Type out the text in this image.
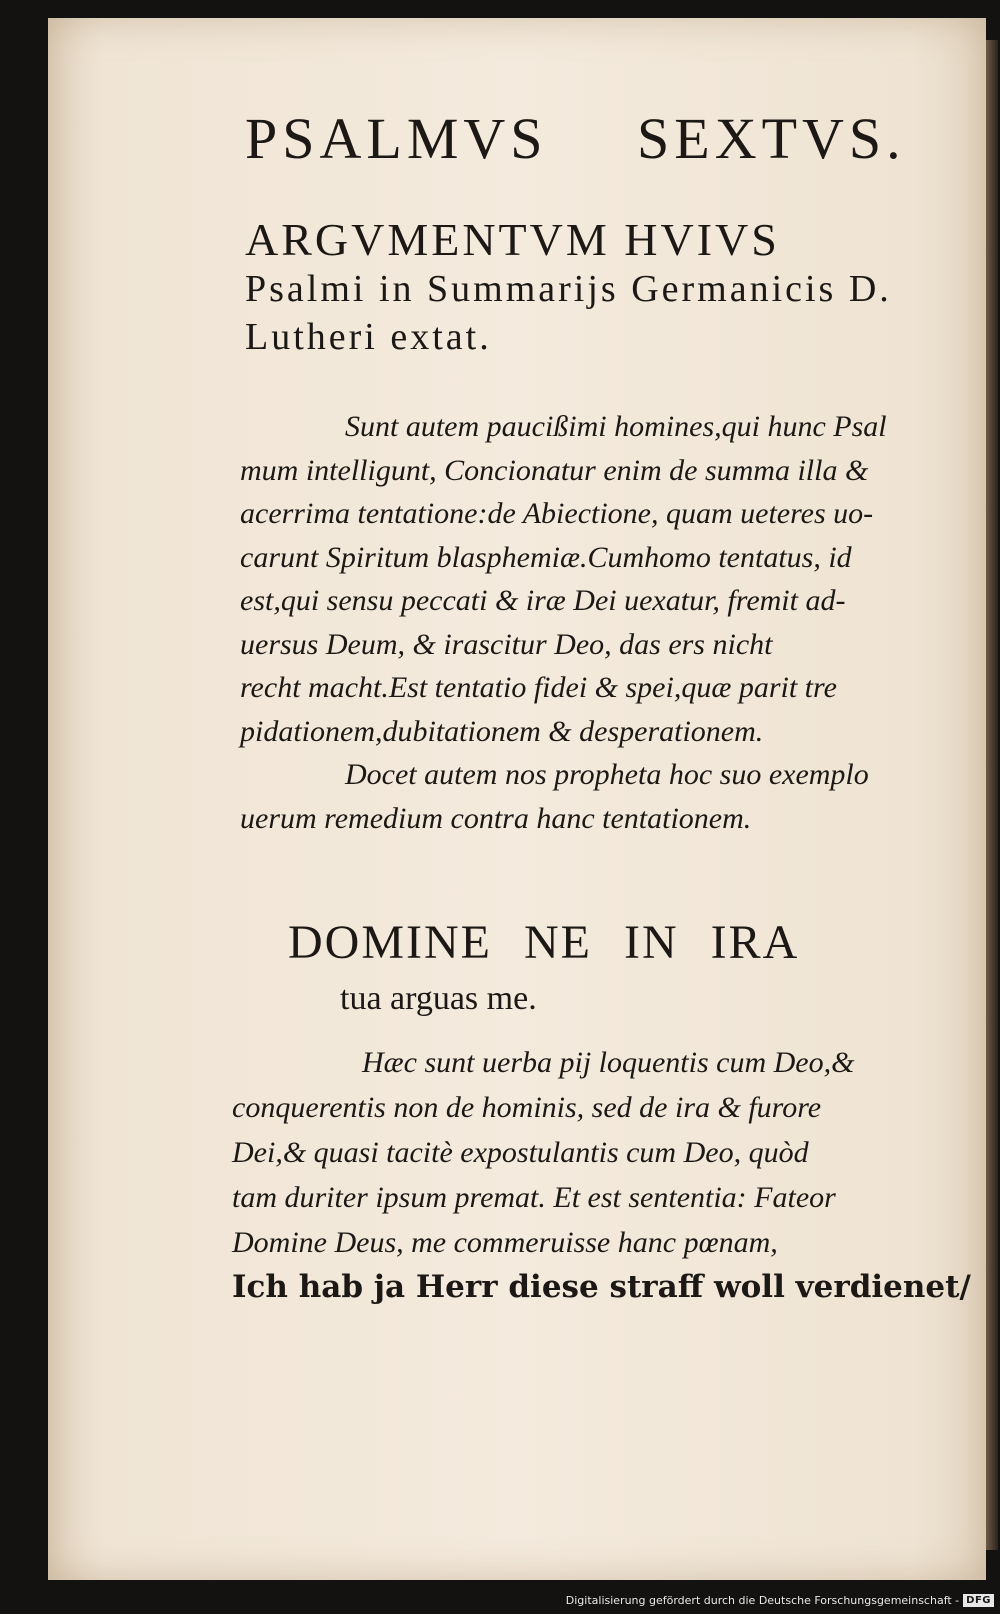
PSALMVS SEXTVS.
ARGVMENTVM HVIVS
Psalmi in Summarijs Germanicis D.
Lutheri extat.
Sunt autem paucißimi homines,qui hunc Psal
mum intelligunt, Concionatur enim de summa illa &
acerrima tentatione:de Abiectione, quam ueteres uo-
carunt Spiritum blasphemiæ.Cumhomo tentatus, id
est,qui sensu peccati & iræ Dei uexatur, fremit ad-
uersus Deum, & irascitur Deo, das ers nicht
recht macht.Est tentatio fidei & spei,quæ parit tre
pidationem,dubitationem & desperationem.
Docet autem nos propheta hoc suo exemplo
uerum remedium contra hanc tentationem.
DOMINE NE IN IRA
tua arguas me.
Hæc sunt uerba pij loquentis cum Deo,&
conquerentis non de hominis, sed de ira & furore
Dei,& quasi tacitè expostulantis cum Deo, quòd
tam duriter ipsum premat. Et est sententia: Fateor
Domine Deus, me commeruisse hanc pœnam,
Ich hab ja Herr diese straff woll verdienet/
Digitalisierung gefördert durch die Deutsche Forschungsgemeinschaft - DFG
